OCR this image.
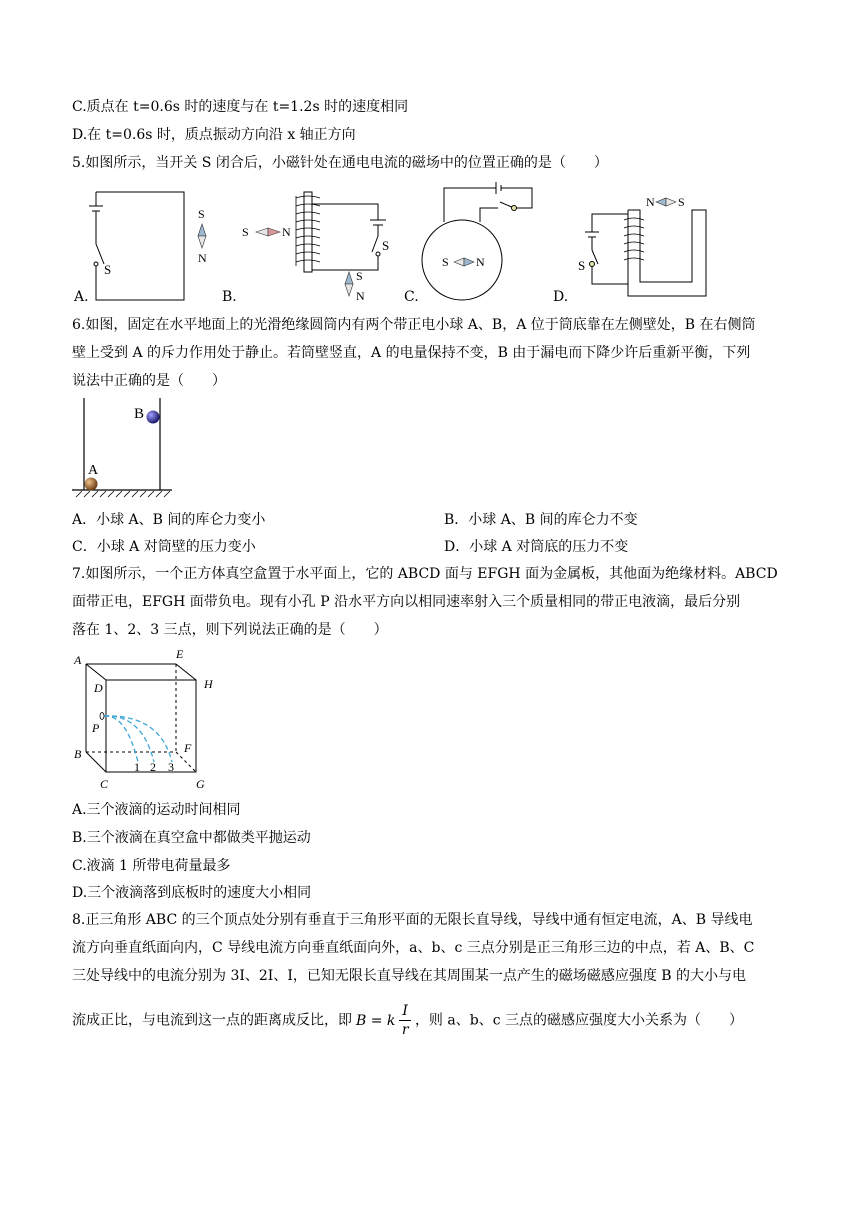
C.质点在 t=0.6s 时的速度与在 t=1.2s 时的速度相同
D.在 t=0.6s 时，质点振动方向沿 x 轴正方向
5.如图所示，当开关 S 闭合后，小磁针处在通电电流的磁场中的位置正确的是（　　）
S
S
N
A.
S
S	N
S
N
B.
S N
C.
S
N S
D.
6.如图，固定在水平地面上的光滑绝缘圆筒内有两个带正电小球 A、B，A 位于筒底靠在左侧壁处，B 在右侧筒
壁上受到 A 的斥力作用处于静止。若筒壁竖直，A 的电量保持不变，B 由于漏电而下降少许后重新平衡，下列
说法中正确的是（　　）
A
B
A．小球 A、B 间的库仑力变小	B．小球 A、B 间的库仑力不变
C．小球 A 对筒壁的压力变小	D．小球 A 对筒底的压力不变
7.如图所示，一个正方体真空盒置于水平面上，它的 ABCD 面与 EFGH 面为金属板，其他面为绝缘材料。ABCD
面带正电，EFGH 面带负电。现有小孔 P 沿水平方向以相同速率射入三个质量相同的带正电液滴，最后分别
落在 1、2、3 三点，则下列说法正确的是（　　）
A
B
C
D
E
F
G
H
P
1 2 3
A.三个液滴的运动时间相同
B.三个液滴在真空盒中都做类平抛运动
C.液滴 1 所带电荷量最多
D.三个液滴落到底板时的速度大小相同
8.正三角形 ABC 的三个顶点处分别有垂直于三角形平面的无限长直导线，导线中通有恒定电流，A、B 导线电
流方向垂直纸面向内，C 导线电流方向垂直纸面向外，a、b、c 三点分别是正三角形三边的中点，若 A、B、C
三处导线中的电流分别为 3I、2I、I，已知无限长直导线在其周围某一点产生的磁场磁感应强度 B 的大小与电
流成正比，与电流到这一点的距离成反比，即 B = k $\frac{I}{r}$ ，则 a、b、c 三点的磁感应强度大小关系为（　　）
